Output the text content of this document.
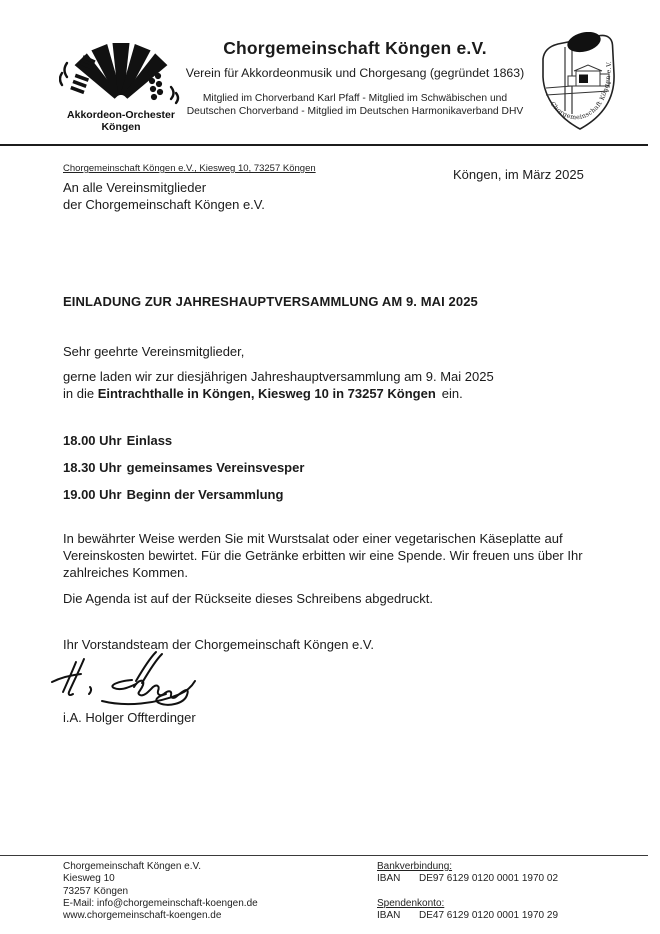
Akkordeon-Orchester
Köngen
Chorgemeinschaft Köngen e.V.
Verein für Akkordeonmusik und Chorgesang (gegründet 1863)
Mitglied im Chorverband Karl Pfaff - Mitglied im Schwäbischen und
Deutschen Chorverband - Mitglied im Deutschen Harmonikaverband DHV
Chorgemeinschaft Köngen e.V.
Chorgemeinschaft Köngen e.V., Kiesweg 10, 73257 Köngen	Köngen, im März 2025
An alle Vereinsmitglieder
der Chorgemeinschaft Köngen e.V.
EINLADUNG ZUR JAHRESHAUPTVERSAMMLUNG AM 9. MAI 2025
Sehr geehrte Vereinsmitglieder,
gerne laden wir zur diesjährigen Jahreshauptversammlung am 9. Mai 2025
in die Eintrachthalle in Köngen, Kiesweg 10 in 73257 Köngen ein.
18.00 Uhr Einlass
18.30 Uhr gemeinsames Vereinsvesper
19.00 Uhr Beginn der Versammlung
In bewährter Weise werden Sie mit Wurstsalat oder einer vegetarischen Käseplatte auf
Vereinskosten bewirtet. Für die Getränke erbitten wir eine Spende. Wir freuen uns über Ihr
zahlreiches Kommen.
Die Agenda ist auf der Rückseite dieses Schreibens abgedruckt.
Ihr Vorstandsteam der Chorgemeinschaft Köngen e.V.
i.A. Holger Offterdinger
Chorgemeinschaft Köngen e.V.
Kiesweg 10
73257 Köngen
E-Mail: info@chorgemeinschaft-koengen.de
www.chorgemeinschaft-koengen.de
Bankverbindung:
IBAN DE97 6129 0120 0001 1970 02
Spendenkonto:
IBAN DE47 6129 0120 0001 1970 29
